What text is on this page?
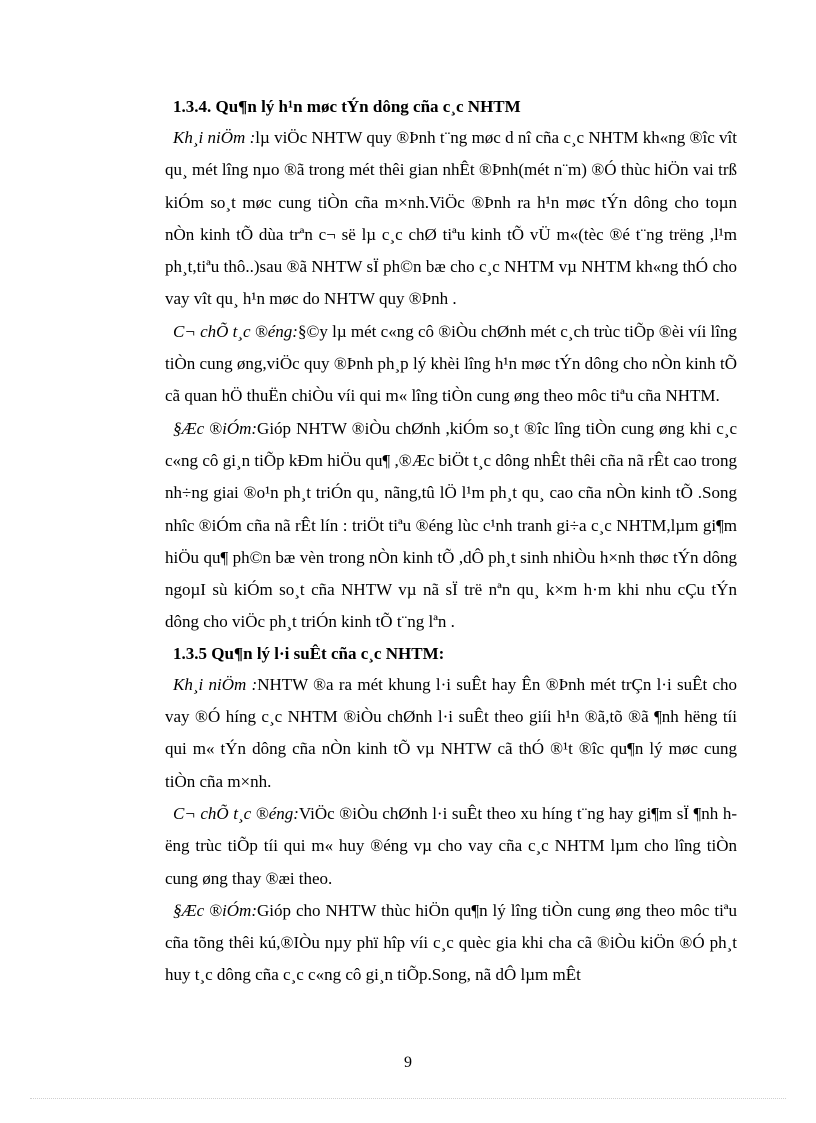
1.3.4. Qu¶n lý h¹n møc tÝn dông cña c¸c NHTM

Kh¸i niÖm :lµ viÖc NHTW quy ®Þnh t¨ng møc d nî cña c¸c NHTM kh«ng ®îc vît qu¸ mét lîng nµo ®ã trong mét thêi gian nhÊt ®Þnh(mét n¨m) ®Ó thùc hiÖn vai trß kiÓm so¸t møc cung tiÒn cña m×nh.ViÖc ®Þnh ra h¹n møc tÝn dông cho toµn nÒn kinh tÕ dùa trªn c¬ së lµ c¸c chØ tiªu kinh tÕ vÜ m«(tèc ®é t¨ng trëng ,l¹m ph¸t,tiªu thô..)sau ®ã NHTW sÏ ph©n bæ cho c¸c NHTM vµ NHTM kh«ng thÓ cho vay vît qu¸ h¹n møc do NHTW quy ®Þnh .

C¬ chÕ t¸c ®éng:§©y lµ mét c«ng cô ®iÒu chØnh mét c¸ch trùc tiÕp ®èi víi lîng tiÒn cung øng,viÖc quy ®Þnh ph¸p lý khèi lîng h¹n møc tÝn dông cho nÒn kinh tÕ cã quan hÖ thuËn chiÒu víi qui m« lîng tiÒn cung øng theo môc tiªu cña NHTM.

§Æc ®iÓm:Gióp NHTW ®iÒu chØnh ,kiÓm so¸t ®îc lîng tiÒn cung øng khi c¸c c«ng cô gi¸n tiÕp kÐm hiÖu qu¶ ,®Æc biÖt t¸c dông nhÊt thêi cña nã rÊt cao trong nh÷ng giai ®o¹n ph¸t triÓn qu¸ nãng,tû lÖ l¹m ph¸t qu¸ cao cña nÒn kinh tÕ .Song nhîc ®iÓm cña nã rÊt lín : triÖt tiªu ®éng lùc c¹nh tranh gi÷a c¸c NHTM,lµm gi¶m hiÖu qu¶ ph©n bæ vèn trong nÒn kinh tÕ ,dÔ ph¸t sinh nhiÒu h×nh thøc tÝn dông ngoµI sù kiÓm so¸t cña NHTW vµ nã sÏ trë nªn qu¸ k×m h·m khi nhu cÇu tÝn dông cho viÖc ph¸t triÓn kinh tÕ t¨ng lªn .

1.3.5 Qu¶n lý l·i suÊt cña c¸c NHTM:

Kh¸i niÖm :NHTW ®a ra mét khung l·i suÊt hay Ên ®Þnh mét trÇn l·i suÊt cho vay ®Ó híng c¸c NHTM ®iÒu chØnh l·i suÊt theo giíi h¹n ®ã,tõ ®ã ¶nh hëng tíi qui m« tÝn dông cña nÒn kinh tÕ vµ NHTW cã thÓ ®¹t ®îc qu¶n lý møc cung tiÒn cña m×nh.

C¬ chÕ t¸c ®éng:ViÖc ®iÒu chØnh l·i suÊt theo xu híng t¨ng hay gi¶m sÏ ¶nh hëng trùc tiÕp tíi qui m« huy ®éng vµ cho vay cña c¸c NHTM lµm cho lîng tiÒn cung øng thay ®æi theo.

§Æc ®iÓm:Gióp cho NHTW thùc hiÖn qu¶n lý lîng tiÒn cung øng theo môc tiªu cña tõng thêi kú,®IÒu nµy phï hîp víi c¸c quèc gia khi cha cã ®iÒu kiÖn ®Ó ph¸t huy t¸c dông cña c¸c c«ng cô gi¸n tiÕp.Song, nã dÔ lµm mÊt

9
